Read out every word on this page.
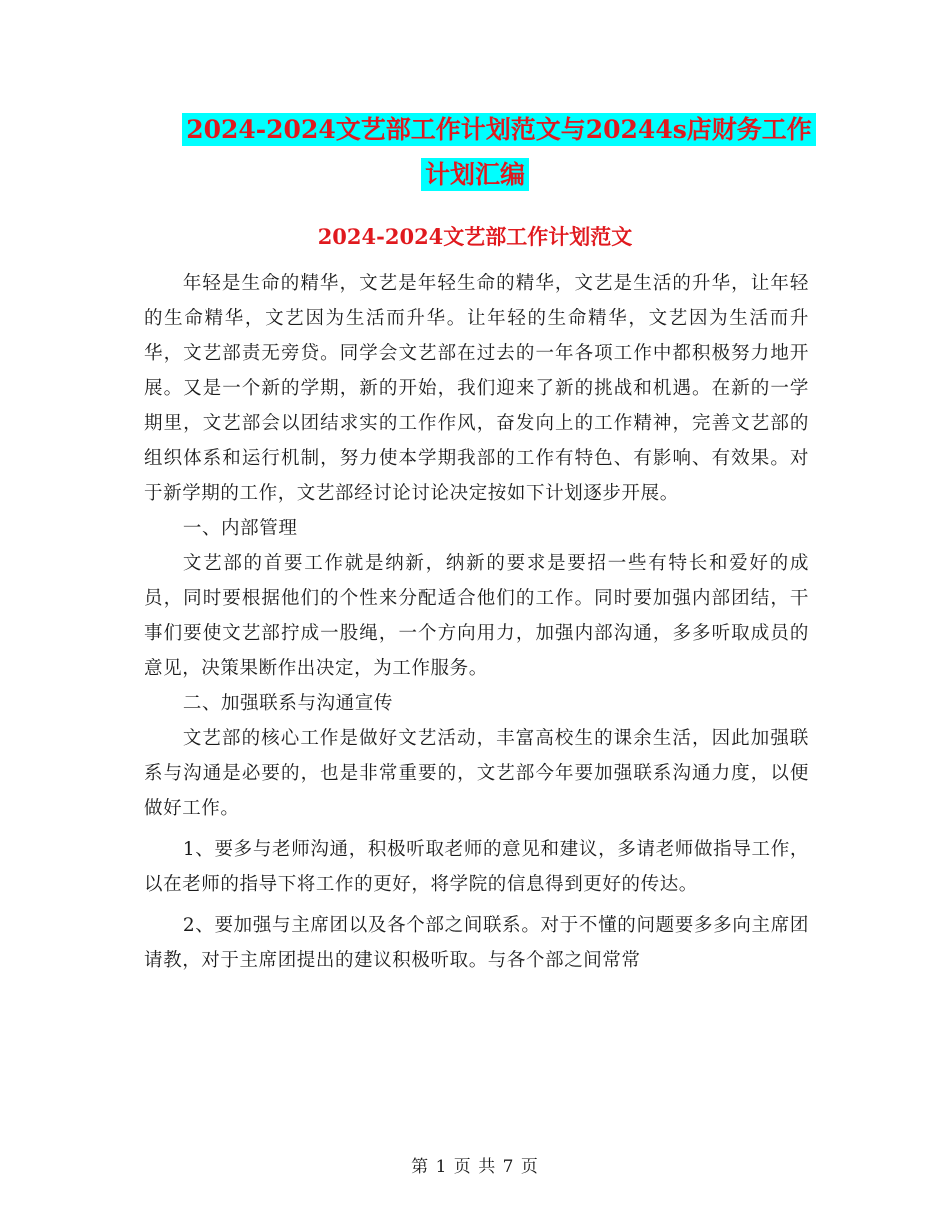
2024-2024文艺部工作计划范文与20244s店财务工作
计划汇编
2024-2024文艺部工作计划范文

年轻是生命的精华，文艺是年轻生命的精华，文艺是生活的升华，让年轻的生命精华，文艺因为生活而升华。让年轻的生命精华，文艺因为生活而升华，文艺部责无旁贷。同学会文艺部在过去的一年各项工作中都积极努力地开展。又是一个新的学期，新的开始，我们迎来了新的挑战和机遇。在新的一学期里，文艺部会以团结求实的工作作风，奋发向上的工作精神，完善文艺部的组织体系和运行机制，努力使本学期我部的工作有特色、有影响、有效果。对于新学期的工作，文艺部经讨论讨论决定按如下计划逐步开展。

一、内部管理

文艺部的首要工作就是纳新，纳新的要求是要招一些有特长和爱好的成员，同时要根据他们的个性来分配适合他们的工作。同时要加强内部团结，干事们要使文艺部拧成一股绳，一个方向用力，加强内部沟通，多多听取成员的意见，决策果断作出决定，为工作服务。

二、加强联系与沟通宣传

文艺部的核心工作是做好文艺活动，丰富高校生的课余生活，因此加强联系与沟通是必要的，也是非常重要的，文艺部今年要加强联系沟通力度，以便做好工作。

1、要多与老师沟通，积极听取老师的意见和建议，多请老师做指导工作，以在老师的指导下将工作的更好，将学院的信息得到更好的传达。

2、要加强与主席团以及各个部之间联系。对于不懂的问题要多多向主席团请教，对于主席团提出的建议积极听取。与各个部之间常常

第 1 页 共 7 页
